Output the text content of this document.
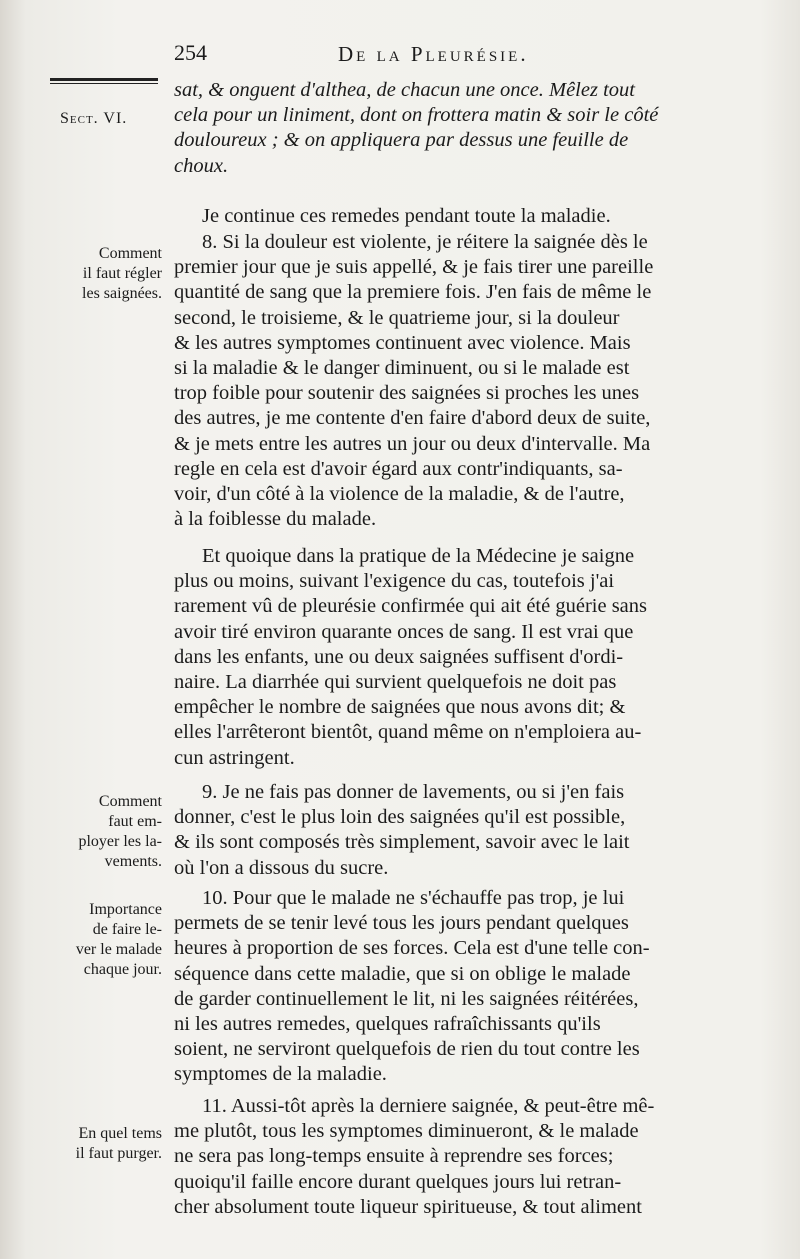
254	De la Pleurésie.
Sect. VI.
Comment
il faut régler
les saignées.
Comment
faut em-
ployer les la-
vements.
Importance
de faire le-
ver le malade
chaque jour.
En quel tems
il faut purger.
sat, & onguent d'althea, de chacun une once. Mêlez tout
cela pour un liniment, dont on frottera matin & soir le côté
douloureux ; & on appliquera par dessus une feuille de
choux.
Je continue ces remedes pendant toute la maladie.
8. Si la douleur est violente, je réitere la saignée dès le
premier jour que je suis appellé, & je fais tirer une pareille
quantité de sang que la premiere fois. J'en fais de même le
second, le troisieme, & le quatrieme jour, si la douleur
& les autres symptomes continuent avec violence. Mais
si la maladie & le danger diminuent, ou si le malade est
trop foible pour soutenir des saignées si proches les unes
des autres, je me contente d'en faire d'abord deux de suite,
& je mets entre les autres un jour ou deux d'intervalle. Ma
regle en cela est d'avoir égard aux contr'indiquants, sa-
voir, d'un côté à la violence de la maladie, & de l'autre,
à la foiblesse du malade.
Et quoique dans la pratique de la Médecine je saigne
plus ou moins, suivant l'exigence du cas, toutefois j'ai
rarement vû de pleurésie confirmée qui ait été guérie sans
avoir tiré environ quarante onces de sang. Il est vrai que
dans les enfants, une ou deux saignées suffisent d'ordi-
naire. La diarrhée qui survient quelquefois ne doit pas
empêcher le nombre de saignées que nous avons dit; &
elles l'arrêteront bientôt, quand même on n'emploiera au-
cun astringent.
9. Je ne fais pas donner de lavements, ou si j'en fais
donner, c'est le plus loin des saignées qu'il est possible,
& ils sont composés très simplement, savoir avec le lait
où l'on a dissous du sucre.
10. Pour que le malade ne s'échauffe pas trop, je lui
permets de se tenir levé tous les jours pendant quelques
heures à proportion de ses forces. Cela est d'une telle con-
séquence dans cette maladie, que si on oblige le malade
de garder continuellement le lit, ni les saignées réitérées,
ni les autres remedes, quelques rafraîchissants qu'ils
soient, ne serviront quelquefois de rien du tout contre les
symptomes de la maladie.
11. Aussi-tôt après la derniere saignée, & peut-être mê-
me plutôt, tous les symptomes diminueront, & le malade
ne sera pas long-temps ensuite à reprendre ses forces;
quoiqu'il faille encore durant quelques jours lui retran-
cher absolument toute liqueur spiritueuse, & tout aliment
